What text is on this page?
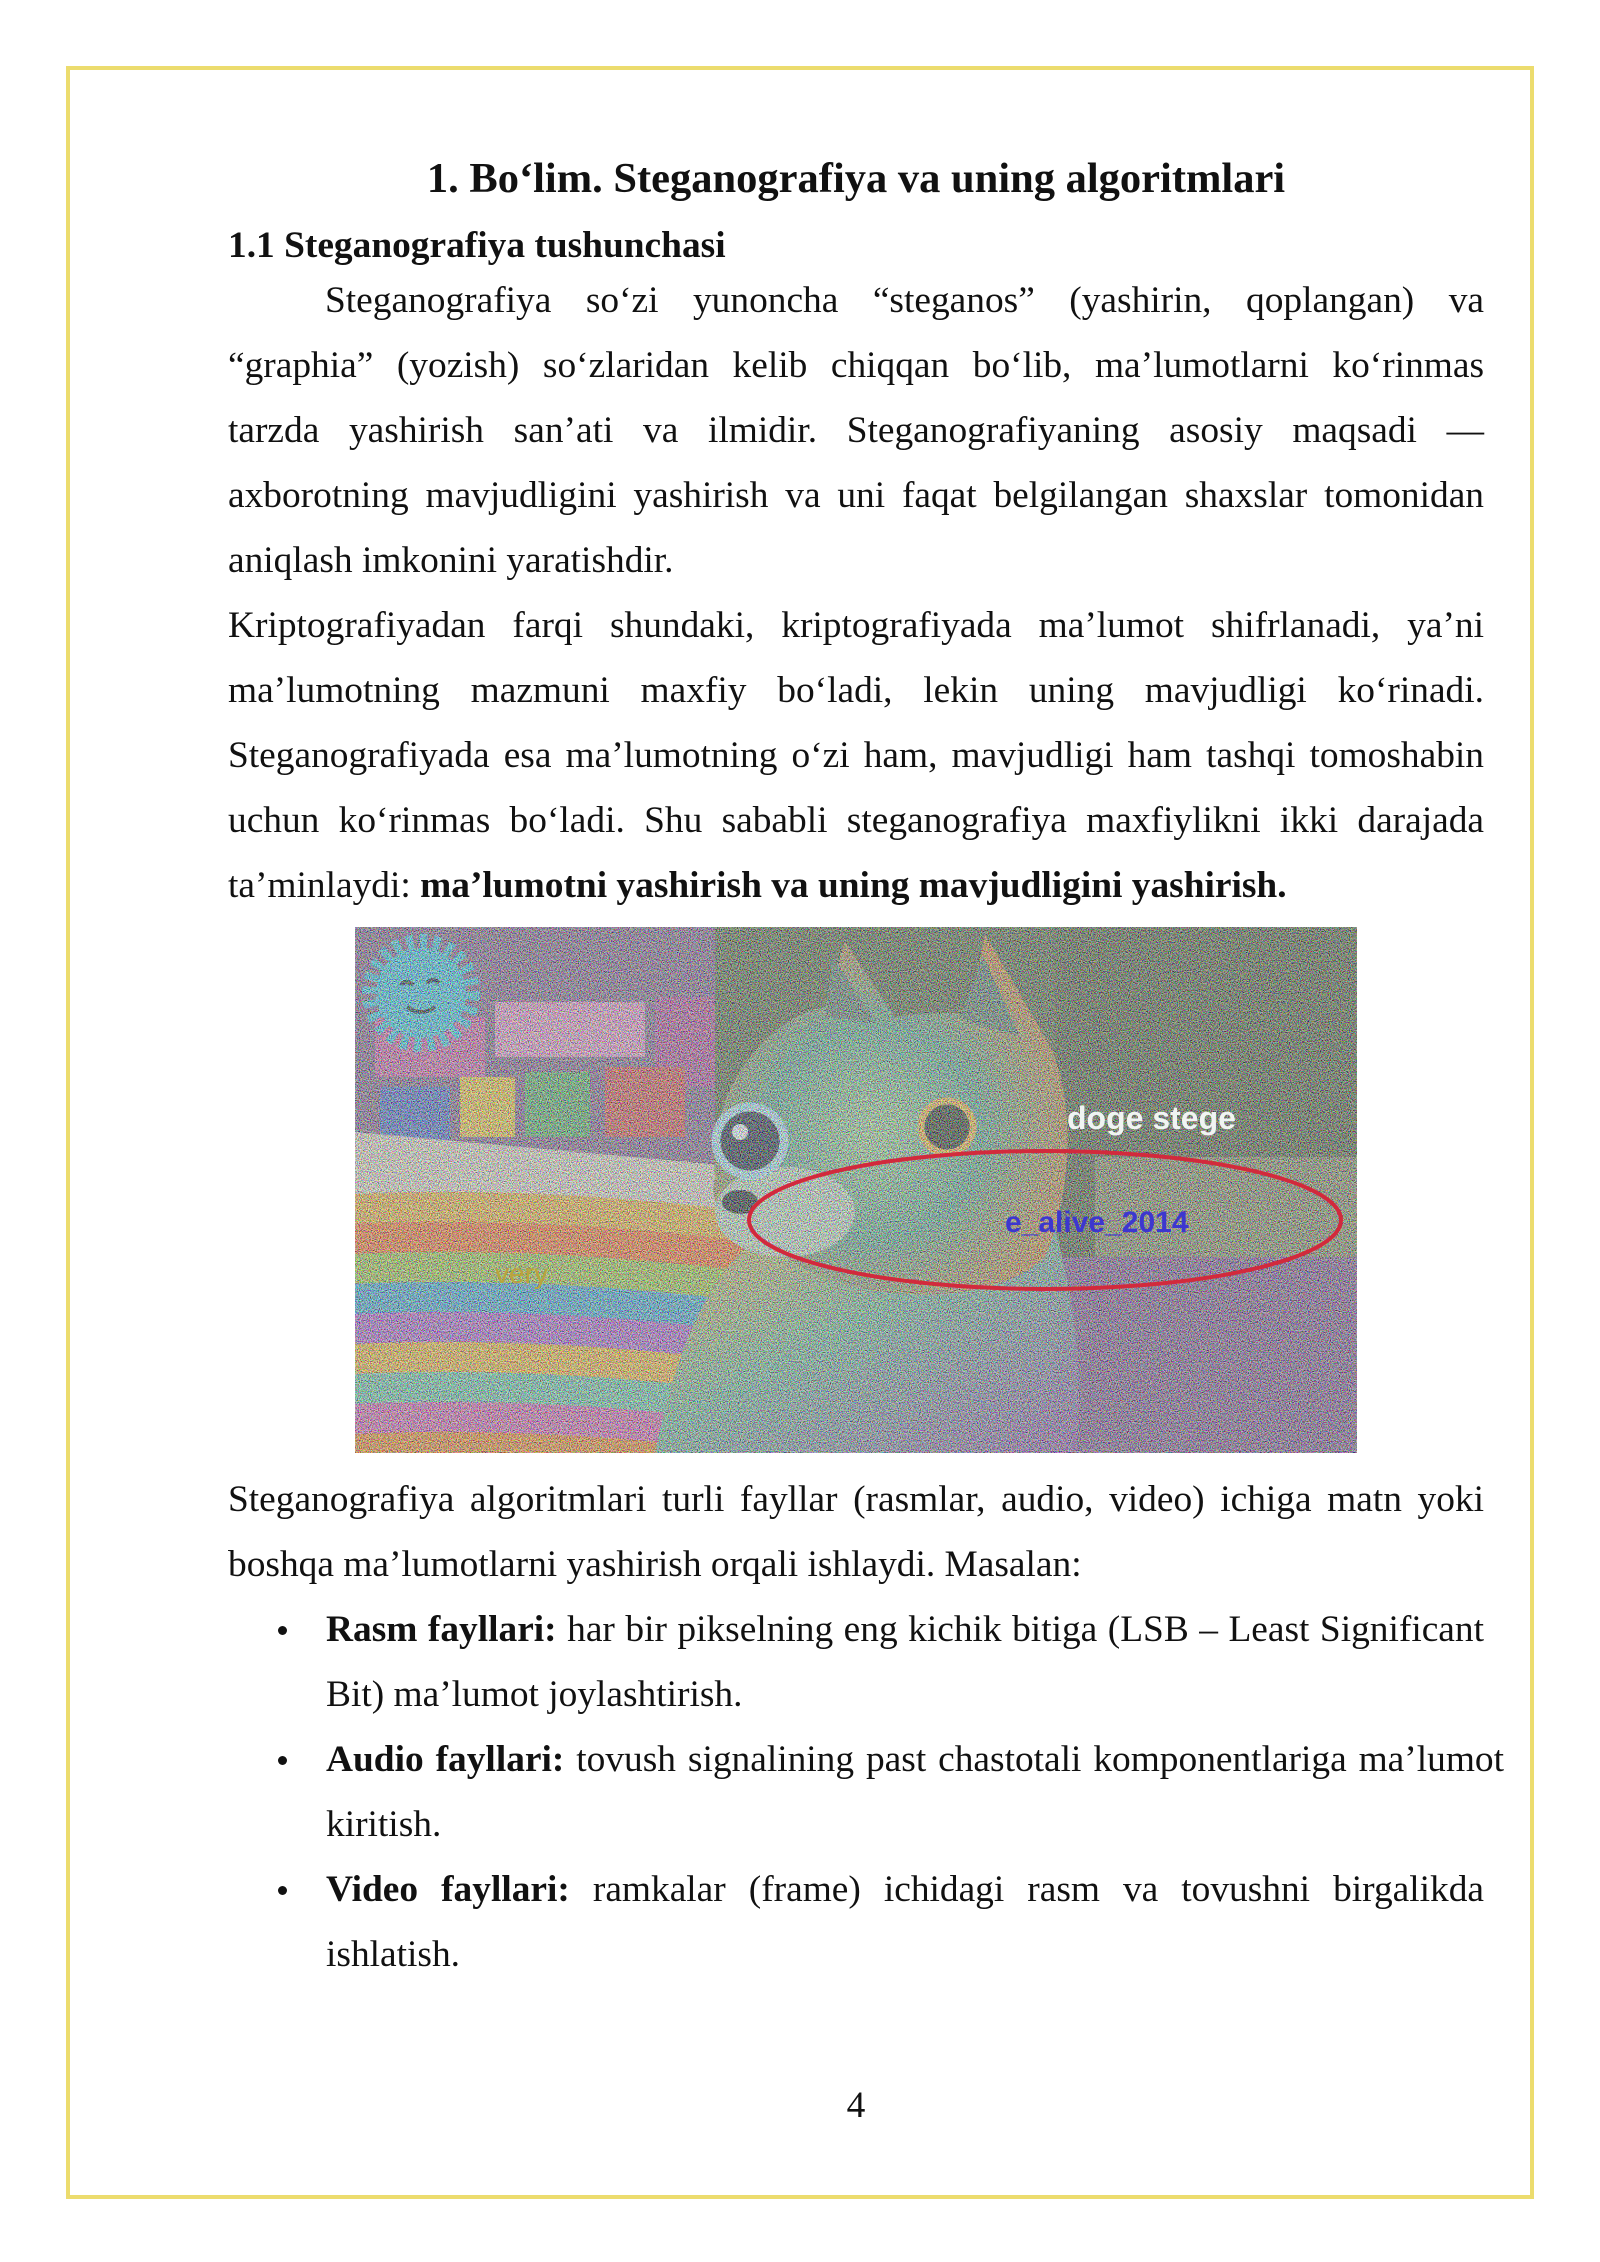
1. Bo‘lim. Steganografiya va uning algoritmlari
1.1 Steganografiya tushunchasi

Steganografiya so‘zi yunoncha “steganos” (yashirin, qoplangan) va “graphia” (yozish) so‘zlaridan kelib chiqqan bo‘lib, ma’lumotlarni ko‘rinmas tarzda yashirish san’ati va ilmidir. Steganografiyaning asosiy maqsadi — axborotning mavjudligini yashirish va uni faqat belgilangan shaxslar tomonidan aniqlash imkonini yaratishdir.

Kriptografiyadan farqi shundaki, kriptografiyada ma’lumot shifrlanadi, ya’ni ma’lumotning mazmuni maxfiy bo‘ladi, lekin uning mavjudligi ko‘rinadi. Steganografiyada esa ma’lumotning o‘zi ham, mavjudligi ham tashqi tomoshabin uchun ko‘rinmas bo‘ladi. Shu sababli steganografiya maxfiylikni ikki darajada ta’minlaydi: ma’lumotni yashirish va uning mavjudligini yashirish.

doge stege
e_alive_2014
very

Steganografiya algoritmlari turli fayllar (rasmlar, audio, video) ichiga matn yoki boshqa ma’lumotlarni yashirish orqali ishlaydi. Masalan:

Rasm fayllari: har bir pikselning eng kichik bitiga (LSB – Least Significant Bit) ma’lumot joylashtirish.
Audio fayllari: tovush signalining past chastotali komponentlariga ma’lumot kiritish.
Video fayllari: ramkalar (frame) ichidagi rasm va tovushni birgalikda ishlatish.
4
